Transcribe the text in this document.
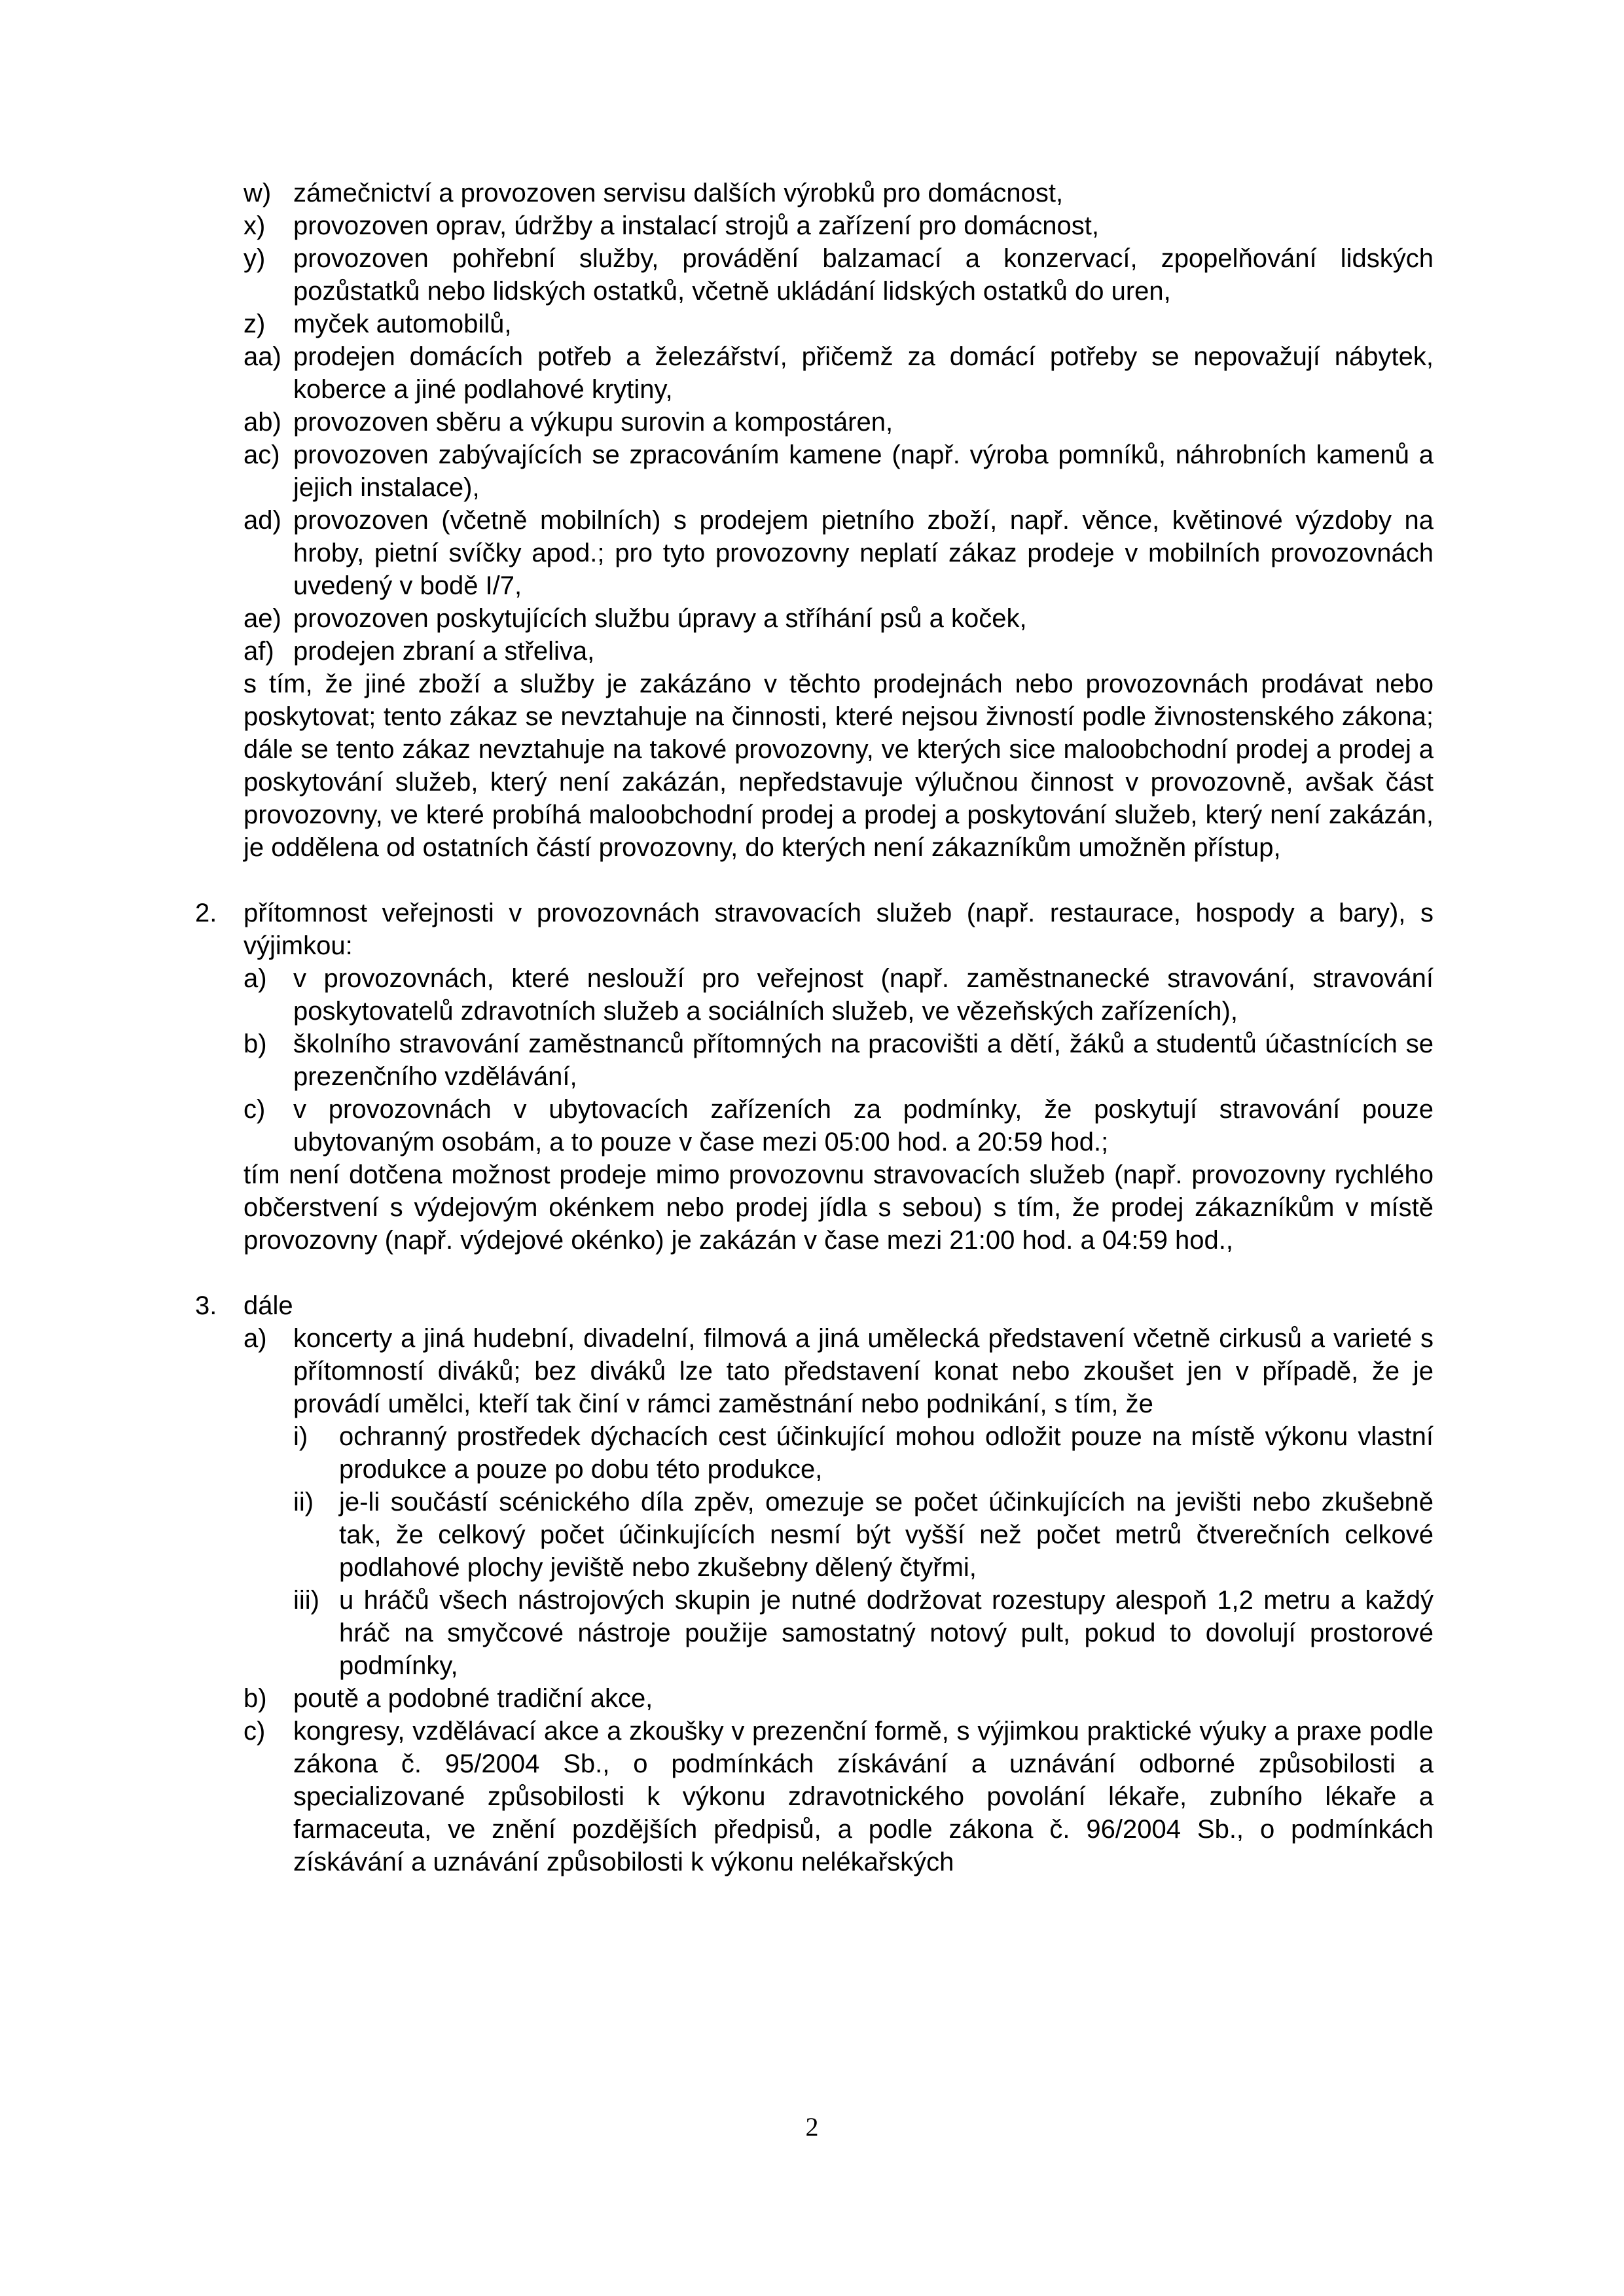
w) zámečnictví a provozoven servisu dalších výrobků pro domácnost,
x)	provozoven oprav, údržby a instalací strojů a zařízení pro domácnost,
y)	provozoven pohřební služby, provádění balzamací a konzervací, zpopelňování lidských pozůstatků nebo lidských ostatků, včetně ukládání lidských ostatků do uren,
z)	myček automobilů,
aa) prodejen domácích potřeb a železářství, přičemž za domácí potřeby se nepovažují nábytek, koberce a jiné podlahové krytiny,
ab) provozoven sběru a výkupu surovin a kompostáren,
ac) provozoven zabývajících se zpracováním kamene (např. výroba pomníků, náhrobních kamenů a jejich instalace),
ad) provozoven (včetně mobilních) s prodejem pietního zboží, např. věnce, květinové výzdoby na hroby, pietní svíčky apod.; pro tyto provozovny neplatí zákaz prodeje v mobilních provozovnách uvedený v bodě I/7,
ae) provozoven poskytujících službu úpravy a stříhání psů a koček,
af) prodejen zbraní a střeliva,
s tím, že jiné zboží a služby je zakázáno v těchto prodejnách nebo provozovnách prodávat nebo poskytovat; tento zákaz se nevztahuje na činnosti, které nejsou živností podle živnostenského zákona; dále se tento zákaz nevztahuje na takové provozovny, ve kterých sice maloobchodní prodej a prodej a poskytování služeb, který není zakázán, nepředstavuje výlučnou činnost v provozovně, avšak část provozovny, ve které probíhá maloobchodní prodej a prodej a poskytování služeb, který není zakázán, je oddělena od ostatních částí provozovny, do kterých není zákazníkům umožněn přístup,
2.	přítomnost veřejnosti v provozovnách stravovacích služeb (např. restaurace, hospody a bary), s výjimkou:
a)	v provozovnách, které neslouží pro veřejnost (např. zaměstnanecké stravování, stravování poskytovatelů zdravotních služeb a sociálních služeb, ve vězeňských zařízeních),
b)	školního stravování zaměstnanců přítomných na pracovišti a dětí, žáků a studentů účastnících se prezenčního vzdělávání,
c)	v provozovnách v ubytovacích zařízeních za podmínky, že poskytují stravování pouze ubytovaným osobám, a to pouze v čase mezi 05:00 hod. a 20:59 hod.;
tím není dotčena možnost prodeje mimo provozovnu stravovacích služeb (např. provozovny rychlého občerstvení s výdejovým okénkem nebo prodej jídla s sebou) s tím, že prodej zákazníkům v místě provozovny (např. výdejové okénko) je zakázán v čase mezi 21:00 hod. a 04:59 hod.,
3.	dále
a)	koncerty a jiná hudební, divadelní, filmová a jiná umělecká představení včetně cirkusů a varieté s přítomností diváků; bez diváků lze tato představení konat nebo zkoušet jen v případě, že je provádí umělci, kteří tak činí v rámci zaměstnání nebo podnikání, s tím, že
i)	ochranný prostředek dýchacích cest účinkující mohou odložit pouze na místě výkonu vlastní produkce a pouze po dobu této produkce,
ii) je-li součástí scénického díla zpěv, omezuje se počet účinkujících na jevišti nebo zkušebně tak, že celkový počet účinkujících nesmí být vyšší než počet metrů čtverečních celkové podlahové plochy jeviště nebo zkušebny dělený čtyřmi,
iii) u hráčů všech nástrojových skupin je nutné dodržovat rozestupy alespoň 1,2 metru a každý hráč na smyčcové nástroje použije samostatný notový pult, pokud to dovolují prostorové podmínky,
b)	poutě a podobné tradiční akce,
c)	kongresy, vzdělávací akce a zkoušky v prezenční formě, s výjimkou praktické výuky a praxe podle zákona č. 95/2004 Sb., o podmínkách získávání a uznávání odborné způsobilosti a specializované způsobilosti k výkonu zdravotnického povolání lékaře, zubního lékaře a farmaceuta, ve znění pozdějších předpisů, a podle zákona č. 96/2004 Sb., o podmínkách získávání a uznávání způsobilosti k výkonu nelékařských
2
